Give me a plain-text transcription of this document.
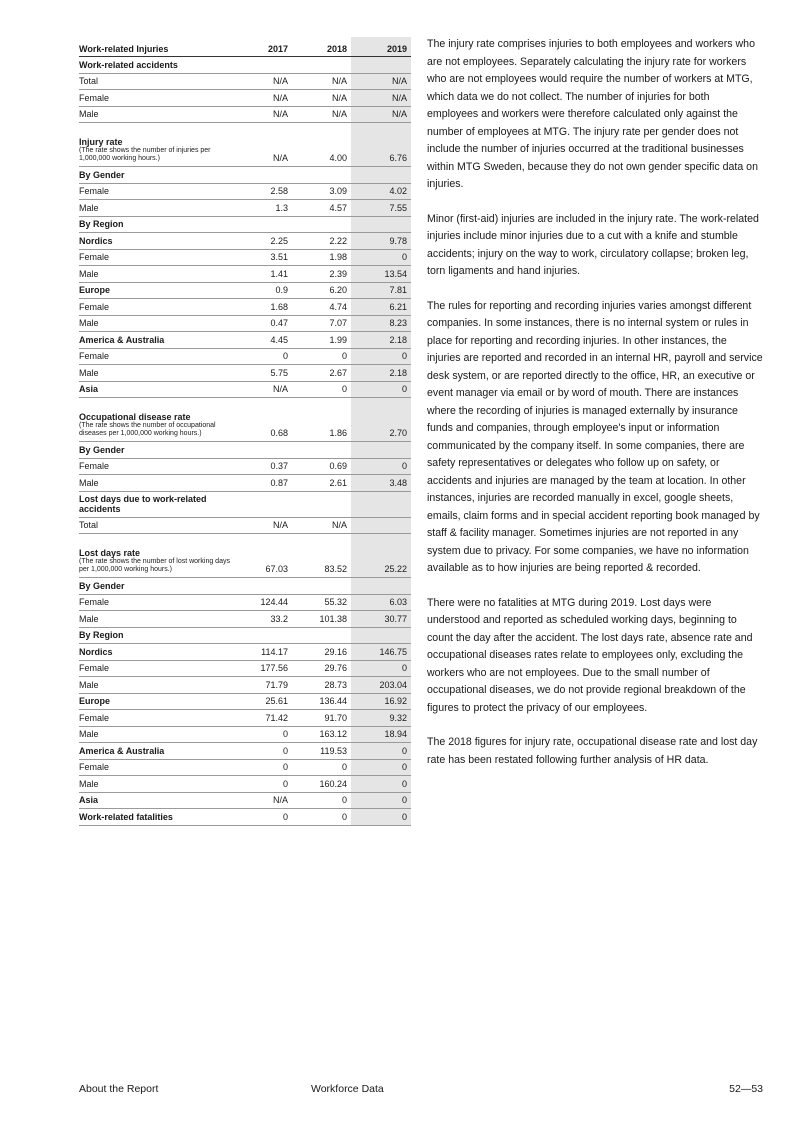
Work-related Injuries	2017	2018	2019
Work-related accidents			
Total	N/A	N/A	N/A
Female	N/A	N/A	N/A
Male	N/A	N/A	N/A
Injury rate
(The rate shows the number of injuries per 1,000,000 working hours.)	N/A	4.00	6.76
By Gender			
Female	2.58	3.09	4.02
Male	1.3	4.57	7.55
By Region			
Nordics	2.25	2.22	9.78
Female	3.51	1.98	0
Male	1.41	2.39	13.54
Europe	0.9	6.20	7.81
Female	1.68	4.74	6.21
Male	0.47	7.07	8.23
America & Australia	4.45	1.99	2.18
Female	0	0	0
Male	5.75	2.67	2.18
Asia	N/A	0	0
Occupational disease rate
(The rate shows the number of occupational diseases per 1,000,000 working hours.)	0.68	1.86	2.70
By Gender			
Female	0.37	0.69	0
Male	0.87	2.61	3.48
Lost days due to work-related accidents			
Total	N/A	N/A	
Lost days rate
(The rate shows the number of lost working days per 1,000,000 working hours.)	67.03	83.52	25.22
By Gender			
Female	124.44	55.32	6.03
Male	33.2	101.38	30.77
By Region			
Nordics	114.17	29.16	146.75
Female	177.56	29.76	0
Male	71.79	28.73	203.04
Europe	25.61	136.44	16.92
Female	71.42	91.70	9.32
Male	0	163.12	18.94
America & Australia	0	119.53	0
Female	0	0	0
Male	0	160.24	0
Asia	N/A	0	0
Work-related fatalities	0	0	0

The injury rate comprises injuries to both employees and workers who are not employees. Separately calculating the injury rate for workers who are not employees would require the number of workers at MTG, which data we do not collect. The number of injuries for both employees and workers were therefore calculated only against the number of employees at MTG. The injury rate per gender does not include the number of injuries occurred at the traditional businesses within MTG Sweden, because they do not own gender specific data on injuries.

Minor (first-aid) injuries are included in the injury rate. The work-related injuries include minor injuries due to a cut with a knife and stumble accidents; injury on the way to work, circulatory collapse; broken leg, torn ligaments and hand injuries.

The rules for reporting and recording injuries varies amongst different companies. In some instances, there is no internal system or rules in place for reporting and recording injuries. In other instances, the injuries are reported and recorded in an internal HR, payroll and service desk system, or are reported directly to the office, HR, an executive or event manager via email or by word of mouth. There are instances where the recording of injuries is managed externally by insurance funds and companies, through employee's input or information communicated by the company itself. In some companies, there are safety representatives or delegates who follow up on safety, or accidents and injuries are managed by the team at location. In other instances, injuries are recorded manually in excel, google sheets, emails, claim forms and in special accident reporting book managed by staff & facility manager. Sometimes injuries are not reported in any system due to privacy. For some companies, we have no information available as to how injuries are being reported & recorded.

There were no fatalities at MTG during 2019. Lost days were understood and reported as scheduled working days, beginning to count the day after the accident. The lost days rate, absence rate and occupational diseases rates relate to employees only, excluding the workers who are not employees. Due to the small number of occupational diseases, we do not provide regional breakdown of the figures to protect the privacy of our employees.

The 2018 figures for injury rate, occupational disease rate and lost day rate has been restated following further analysis of HR data.

About the Report	Workforce Data	52—53
